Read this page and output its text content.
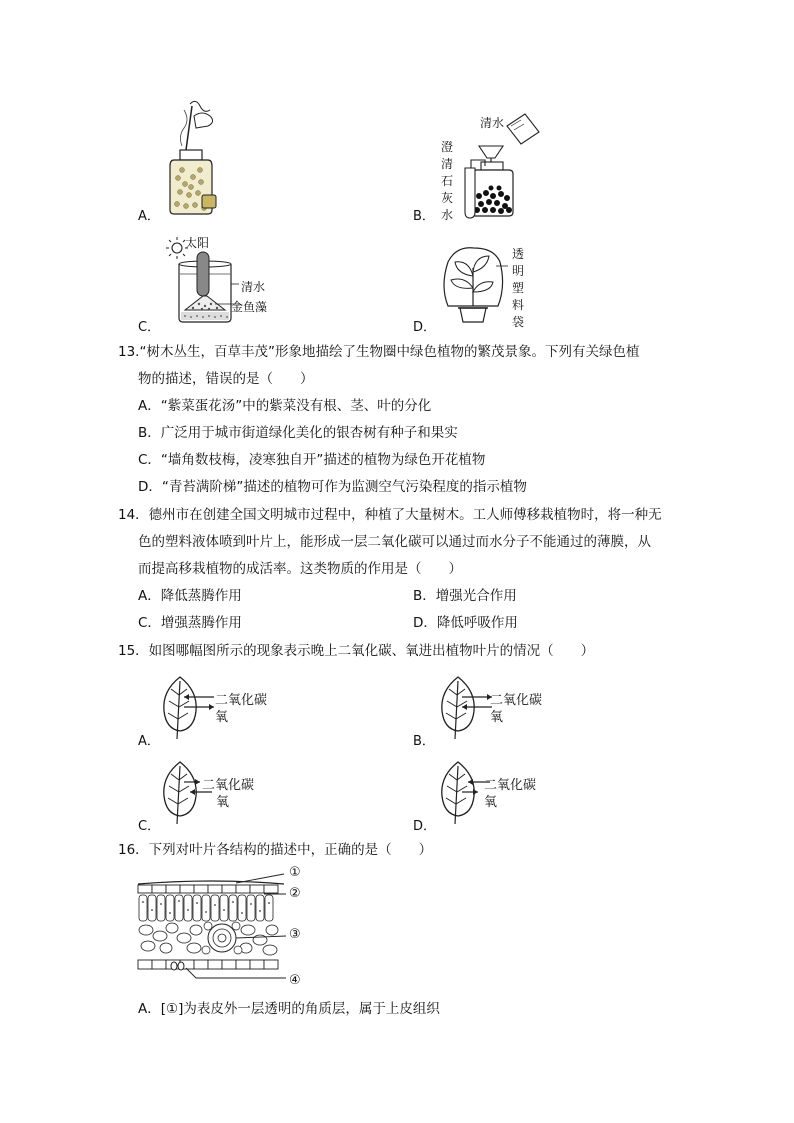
A．
清水
澄
清
石
灰
水
B．
太阳
清水
金鱼藻
C．
透
明
塑
料
袋
D．
13.“树木丛生，百草丰茂”形象地描绘了生物圈中绿色植物的繁茂景象。下列有关绿色植
物的描述，错误的是（　　）
A．“紫菜蛋花汤”中的紫菜没有根、茎、叶的分化
B．广泛用于城市街道绿化美化的银杏树有种子和果实
C．“墙角数枝梅，凌寒独自开”描述的植物为绿色开花植物
D．“青苔满阶梯”描述的植物可作为监测空气污染程度的指示植物
14．德州市在创建全国文明城市过程中，种植了大量树木。工人师傅移栽植物时，将一种无
色的塑料液体喷到叶片上，能形成一层二氧化碳可以通过而水分子不能通过的薄膜，从
而提高移栽植物的成活率。这类物质的作用是（　　）
A．降低蒸腾作用	B．增强光合作用
C．增强蒸腾作用	D．降低呼吸作用
15．如图哪幅图所示的现象表示晚上二氧化碳、氧进出植物叶片的情况（　　）
二氧化碳
氧
A．
二氧化碳
氧
B．
二氧化碳
氧
C．
二氧化碳
氧
D．
16．下列对叶片各结构的描述中，正确的是（　　）
①
②
③
④
A．[①]为表皮外一层透明的角质层，属于上皮组织
